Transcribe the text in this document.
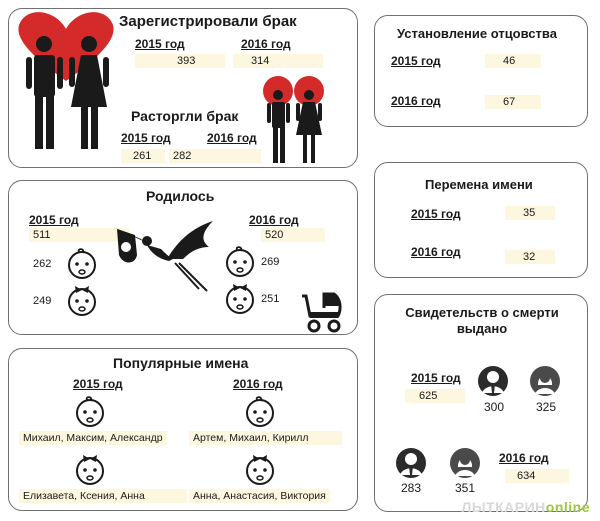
Зарегистрировали брак
2015 год
393
2016 год
314
Расторгли брак
2015 год
261
2016 год
282
Установление отцовства
2015 год	46
2016 год	67
Родилось
2015 год
511
262
249
2016 год
520
269
251
Перемена имени
2015 год	35
2016 год	32
Популярные имена
2015 год	2016 год
Михаил, Максим, Александр	Артем, Михаил, Кирилл
Елизавета, Ксения, Анна	Анна, Анастасия, Виктория
Свидетельств о смерти выдано
2015 год
625
300	325
283	351
2016 год
634
ЛЫТКАРИНonline
